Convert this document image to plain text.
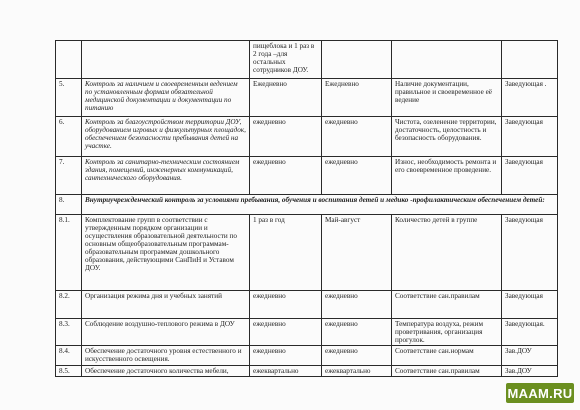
		пищеблока и 1 раз в 2 года –для остальных сотрудников ДОУ.			
5.	Контроль за наличием и своевременным ведением по установленным формам обязательной медицинской документации и документации по питанию	Ежедневно	Ежедневно	Наличие документации, правильное и своевременное её ведение	Заведующая .
6.	Контроль за благоустройством территории ДОУ, оборудованием игровых и физкультурных площадок, обеспечением безопасности пребывания детей на участке.	ежедневно	ежедневно	Чистота, озеленение территории, достаточность, целостность и безопасность оборудования.	Заведующая
7.	Контроль за санитарно-техническим состоянием здания, помещений, инженерных коммуникаций, сантехнического оборудования.	ежедневно	ежедневно	Износ, необходимость ремонта и его своевременное проведение.	Заведующая
8.	Внутриучрежденческий контроль за условиями пребывания, обучения и воспитания детей и медико -профилактическим обеспечением детей:				
8.1.	Комплектование групп в соответствии с утвержденным порядком организации и осуществления образовательной деятельности по основным общеобразовательным программам-образовательным программам дошкольного образования, действующими СанПиН и Уставом ДОУ.	1 раз в год	Май-август	Количество детей в группе	Заведующая
8.2.	Организация режима дня и учебных занятий	ежедневно	ежедневно	Соответствие сан.правилам	Заведующая
8.3.	Соблюдение воздушно-теплового режима в ДОУ	ежедневно	ежедневно	Температура воздуха, режим проветривания, организация прогулок.	Заведующая.
8.4.	Обеспечение достаточного уровня естественного и искусственного освещения.	ежедневно	ежедневно	Соответствие сан.нормам	Зав.ДОУ
8.5.	Обеспечение достаточного количества мебели,	ежеквартально	ежеквартально	Соответствие сан.правилам	Зав.ДОУ
MAAM.RU
